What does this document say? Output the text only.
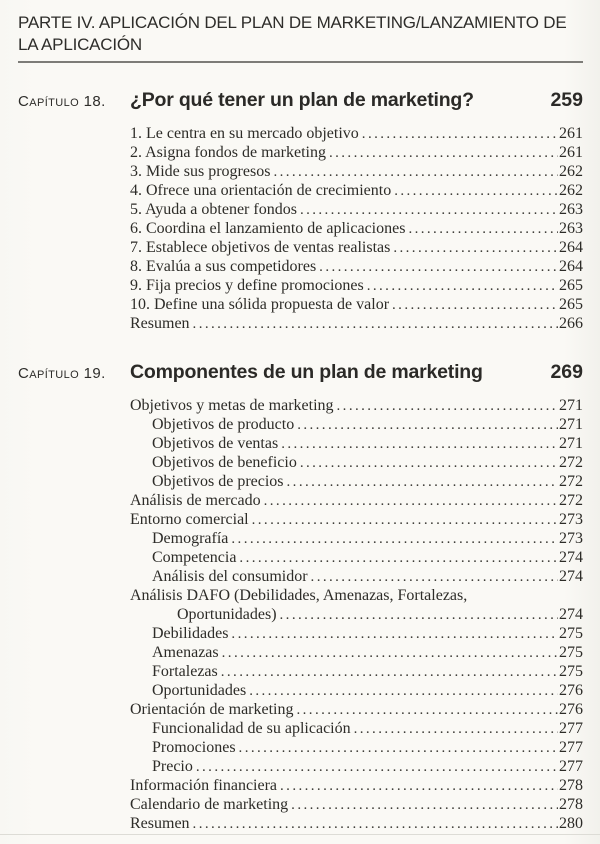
PARTE IV. APLICACIÓN DEL PLAN DE MARKETING/LANZAMIENTO DE LA APLICACIÓN
Capítulo 18.	¿Por qué tener un plan de marketing?	259
1. Le centra en su mercado objetivo .....	261
2. Asigna fondos de marketing .....	261
3. Mide sus progresos .....	262
4. Ofrece una orientación de crecimiento .....	262
5. Ayuda a obtener fondos .....	263
6. Coordina el lanzamiento de aplicaciones .....	263
7. Establece objetivos de ventas realistas .....	264
8. Evalúa a sus competidores .....	264
9. Fija precios y define promociones .....	265
10. Define una sólida propuesta de valor .....	265
Resumen .....	266
Capítulo 19.	Componentes de un plan de marketing	269
Objetivos y metas de marketing .....	271
Objetivos de producto .....	271
Objetivos de ventas .....	271
Objetivos de beneficio .....	272
Objetivos de precios .....	272
Análisis de mercado .....	272
Entorno comercial .....	273
Demografía .....	273
Competencia .....	274
Análisis del consumidor .....	274
Análisis DAFO (Debilidades, Amenazas, Fortalezas,
Oportunidades) .....	274
Debilidades .....	275
Amenazas .....	275
Fortalezas .....	275
Oportunidades .....	276
Orientación de marketing .....	276
Funcionalidad de su aplicación .....	277
Promociones .....	277
Precio .....	277
Información financiera .....	278
Calendario de marketing .....	278
Resumen .....	280
